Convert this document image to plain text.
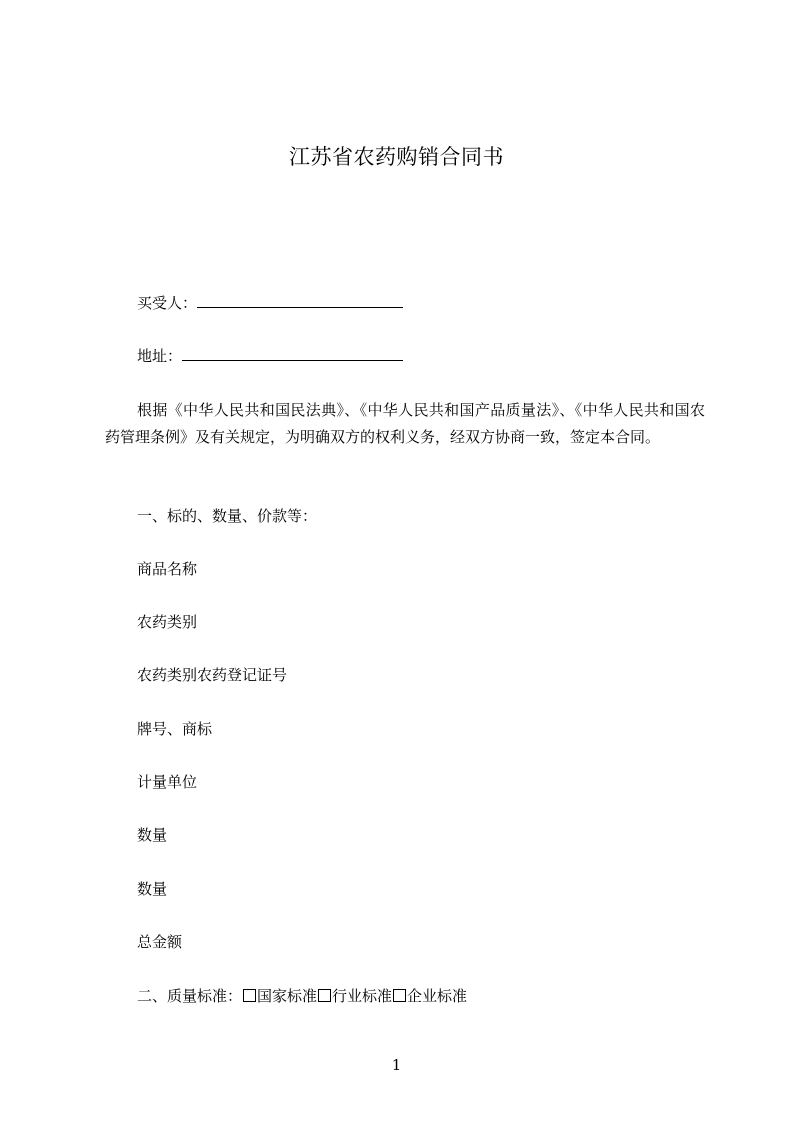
江苏省农药购销合同书
买受人：
地址：
根据《中华人民共和国民法典》、《中华人民共和国产品质量法》、《中华人民共和国农药管理条例》及有关规定，为明确双方的权利义务，经双方协商一致，签定本合同。
一、标的、数量、价款等：
商品名称
农药类别
农药类别农药登记证号
牌号、商标
计量单位
数量
数量
总金额
二、质量标准： 国家标准 行业标准 企业标准
1
